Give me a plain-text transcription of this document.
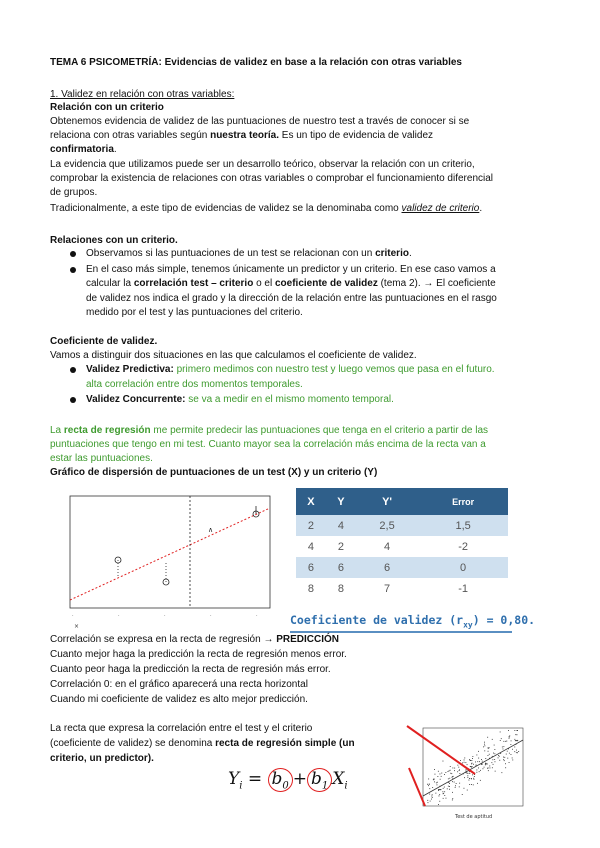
TEMA 6 PSICOMETRÍA: Evidencias de validez en base a la relación con otras variables
1. Validez en relación con otras variables:
Relación con un criterio
Obtenemos evidencia de validez de las puntuaciones de nuestro test a través de conocer si se
relaciona con otras variables según nuestra teoría. Es un tipo de evidencia de validez
confirmatoria.
La evidencia que utilizamos puede ser un desarrollo teórico, observar la relación con un criterio,
comprobar la existencia de relaciones con otras variables o comprobar el funcionamiento diferencial
de grupos.
Tradicionalmente, a este tipo de evidencias de validez se la denominaba como validez de criterio.
Relaciones con un criterio.
Observamos si las puntuaciones de un test se relacionan con un criterio.
En el caso más simple, tenemos únicamente un predictor y un criterio. En ese caso vamos a
calcular la correlación test – criterio o el coeficiente de validez (tema 2). → El coeficiente
de validez nos indica el grado y la dirección de la relación entre las puntuaciones en el rasgo
medido por el test y las puntuaciones del criterio.
Coeficiente de validez.
Vamos a distinguir dos situaciones en las que calculamos el coeficiente de validez.
Validez Predictiva: primero medimos con nuestro test y luego vemos que pasa en el futuro.
alta correlación entre dos momentos temporales.
Validez Concurrente: se va a medir en el mismo momento temporal.
La recta de regresión me permite predecir las puntuaciones que tenga en el criterio a partir de las
puntuaciones que tengo en mi test. Cuanto mayor sea la correlación más encima de la recta van a
estar las puntuaciones.
Gráfico de dispersión de puntuaciones de un test (X) y un criterio (Y)
∧
·	·	·	·	·
×
X	Y	Y'	Error
2	4	2,5	1,5
4	2	4	-2
6	6	6	0
8	8	7	-1
Coeficiente de validez $(r_{xy}) = 0,80$.
Correlación se expresa en la recta de regresión → PREDICCIÓN
Cuanto mejor haga la predicción la recta de regresión menos error.
Cuanto peor haga la predicción la recta de regresión más error.
Correlación 0: en el gráfico aparecerá una recta horizontal
Cuando mi coeficiente de validez es alto mejor predicción.
La recta que expresa la correlación entre el test y el criterio
(coeficiente de validez) se denomina recta de regresión simple (un
criterio, un predictor).
$Y_i = b_0 + b_1$ $X_i$
Test de aptitud
